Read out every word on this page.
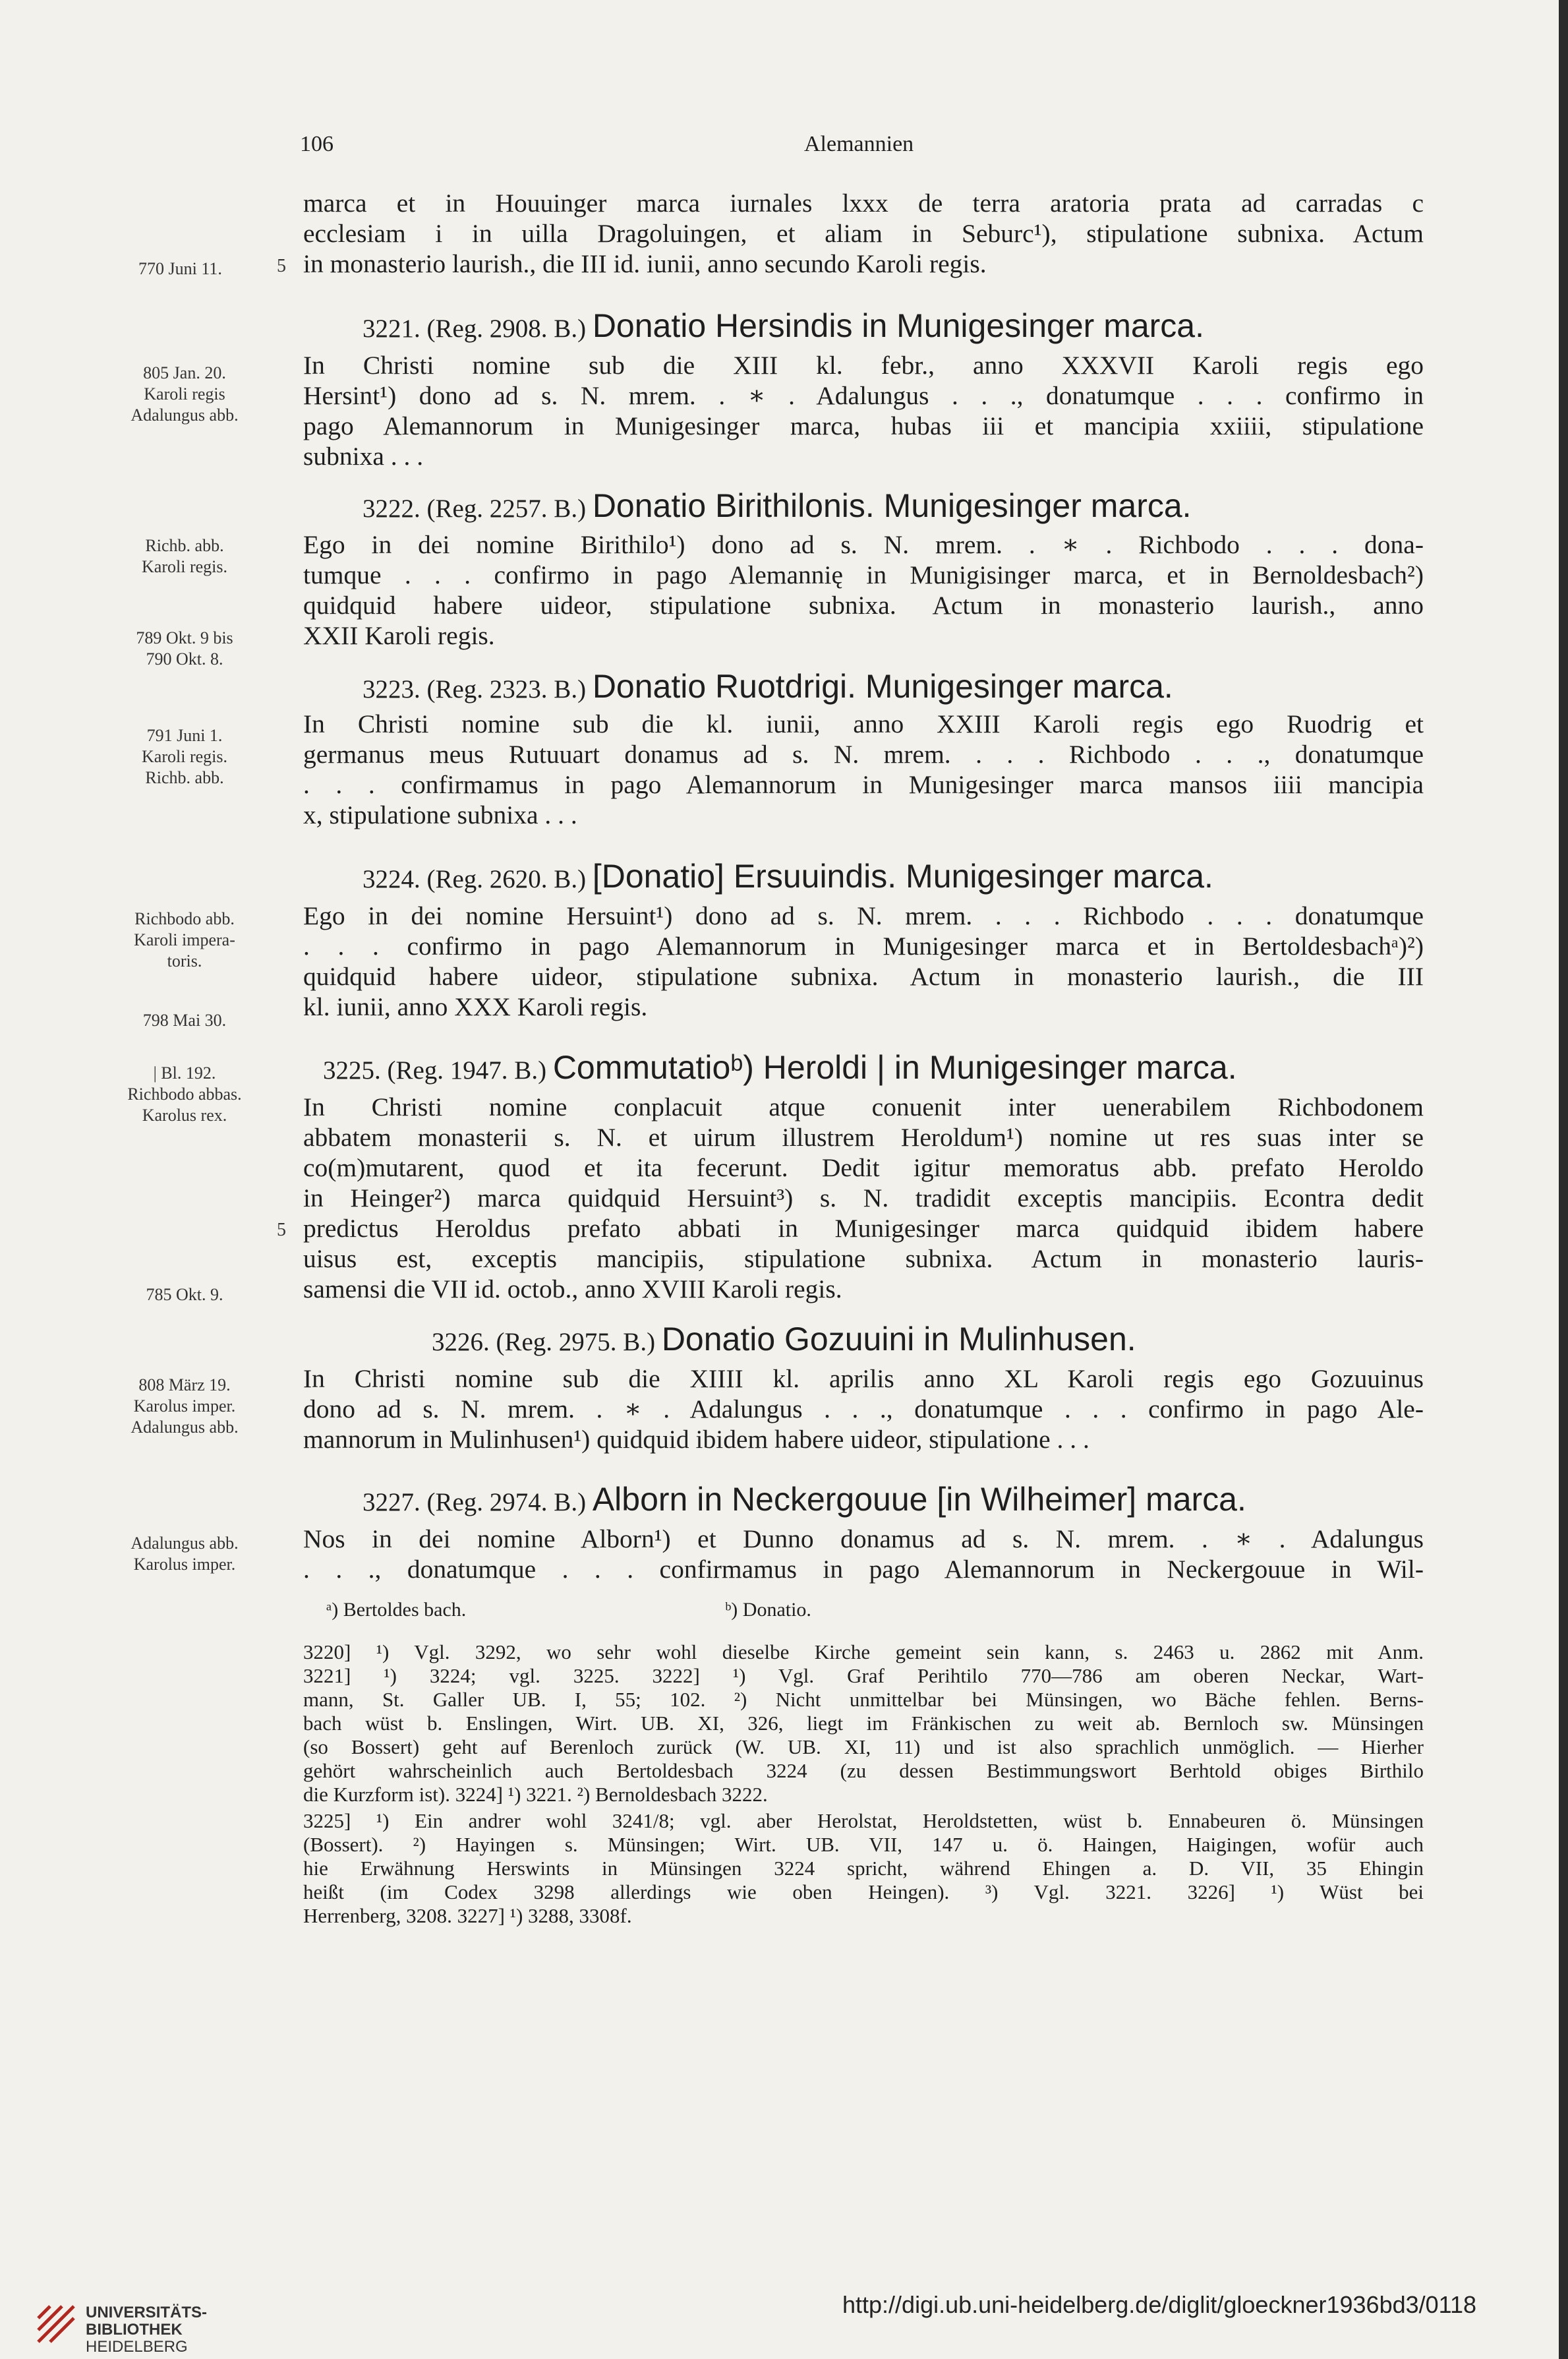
106	Alemannien
marca et in Houuinger marca iurnales lxxx de terra aratoria prata ad carradas c
ecclesiam i in uilla Dragoluingen, et aliam in Seburc¹), stipulatione subnixa. Actum
in monasterio laurish., die III id. iunii, anno secundo Karoli regis.
770 Juni 11.	5
3221. (Reg. 2908. B.) Donatio Hersindis in Munigesinger marca.
In Christi nomine sub die XIII kl. febr., anno XXXVII Karoli regis ego
Hersint¹) dono ad s. N. mrem. . ∗ . Adalungus . . ., donatumque . . . confirmo in
pago Alemannorum in Munigesinger marca, hubas iii et mancipia xxiiii, stipulatione
subnixa . . .
805 Jan. 20.
Karoli regis
Adalungus abb.
3222. (Reg. 2257. B.) Donatio Birithilonis. Munigesinger marca.
Ego in dei nomine Birithilo¹) dono ad s. N. mrem. . ∗ . Richbodo . . . dona-
tumque . . . confirmo in pago Alemannię in Munigisinger marca, et in Bernoldesbach²)
quidquid habere uideor, stipulatione subnixa. Actum in monasterio laurish., anno
XXII Karoli regis.
Richb. abb.
Karoli regis.
789 Okt. 9 bis
790 Okt. 8.
3223. (Reg. 2323. B.) Donatio Ruotdrigi. Munigesinger marca.
In Christi nomine sub die kl. iunii, anno XXIII Karoli regis ego Ruodrig et
germanus meus Rutuuart donamus ad s. N. mrem. . . . Richbodo . . ., donatumque
. . . confirmamus in pago Alemannorum in Munigesinger marca mansos iiii mancipia
x, stipulatione subnixa . . .
791 Juni 1.
Karoli regis.
Richb. abb.
3224. (Reg. 2620. B.) [Donatio] Ersuuindis. Munigesinger marca.
Ego in dei nomine Hersuint¹) dono ad s. N. mrem. . . . Richbodo . . . donatumque
. . . confirmo in pago Alemannorum in Munigesinger marca et in Bertoldesbachᵃ)²)
quidquid habere uideor, stipulatione subnixa. Actum in monasterio laurish., die III
kl. iunii, anno XXX Karoli regis.
Richbodo abb.
Karoli impera-
toris.
798 Mai 30.
3225. (Reg. 1947. B.) Commutatioᵇ) Heroldi | in Munigesinger marca.
In Christi nomine conplacuit atque conuenit inter uenerabilem Richbodonem
abbatem monasterii s. N. et uirum illustrem Heroldum¹) nomine ut res suas inter se
co(m)mutarent, quod et ita fecerunt. Dedit igitur memoratus abb. prefato Heroldo
in Heinger²) marca quidquid Hersuint³) s. N. tradidit exceptis mancipiis. Econtra dedit
predictus Heroldus prefato abbati in Munigesinger marca quidquid ibidem habere
uisus est, exceptis mancipiis, stipulatione subnixa. Actum in monasterio lauris-
samensi die VII id. octob., anno XVIII Karoli regis.
5
| Bl. 192.
Richbodo abbas.
Karolus rex.
785 Okt. 9.
3226. (Reg. 2975. B.) Donatio Gozuuini in Mulinhusen.
In Christi nomine sub die XIIII kl. aprilis anno XL Karoli regis ego Gozuuinus
dono ad s. N. mrem. . ∗ . Adalungus . . ., donatumque . . . confirmo in pago Ale-
mannorum in Mulinhusen¹) quidquid ibidem habere uideor, stipulatione . . .
808 März 19.
Karolus imper.
Adalungus abb.
3227. (Reg. 2974. B.) Alborn in Neckergouue [in Wilheimer] marca.
Nos in dei nomine Alborn¹) et Dunno donamus ad s. N. mrem. . ∗ . Adalungus
. . ., donatumque . . . confirmamus in pago Alemannorum in Neckergouue in Wil-
Adalungus abb.
Karolus imper.
ᵃ) Bertoldes bach.	ᵇ) Donatio.
3220] ¹) Vgl. 3292, wo sehr wohl dieselbe Kirche gemeint sein kann, s. 2463 u. 2862 mit Anm.
3221] ¹) 3224; vgl. 3225. 3222] ¹) Vgl. Graf Perihtilo 770—786 am oberen Neckar, Wart-
mann, St. Galler UB. I, 55; 102. ²) Nicht unmittelbar bei Münsingen, wo Bäche fehlen. Berns-
bach wüst b. Enslingen, Wirt. UB. XI, 326, liegt im Fränkischen zu weit ab. Bernloch sw. Münsingen
(so Bossert) geht auf Berenloch zurück (W. UB. XI, 11) und ist also sprachlich unmöglich. — Hierher
gehört wahrscheinlich auch Bertoldesbach 3224 (zu dessen Bestimmungswort Berhtold obiges Birthilo
die Kurzform ist). 3224] ¹) 3221. ²) Bernoldesbach 3222.
3225] ¹) Ein andrer wohl 3241/8; vgl. aber Herolstat, Heroldstetten, wüst b. Ennabeuren ö. Münsingen
(Bossert). ²) Hayingen s. Münsingen; Wirt. UB. VII, 147 u. ö. Haingen, Haigingen, wofür auch
hie Erwähnung Herswints in Münsingen 3224 spricht, während Ehingen a. D. VII, 35 Ehingin
heißt (im Codex 3298 allerdings wie oben Heingen). ³) Vgl. 3221. 3226] ¹) Wüst bei
Herrenberg, 3208. 3227] ¹) 3288, 3308f.
UNIVERSITÄTS-
BIBLIOTHEK
HEIDELBERG
http://digi.ub.uni-heidelberg.de/diglit/gloeckner1936bd3/0118
